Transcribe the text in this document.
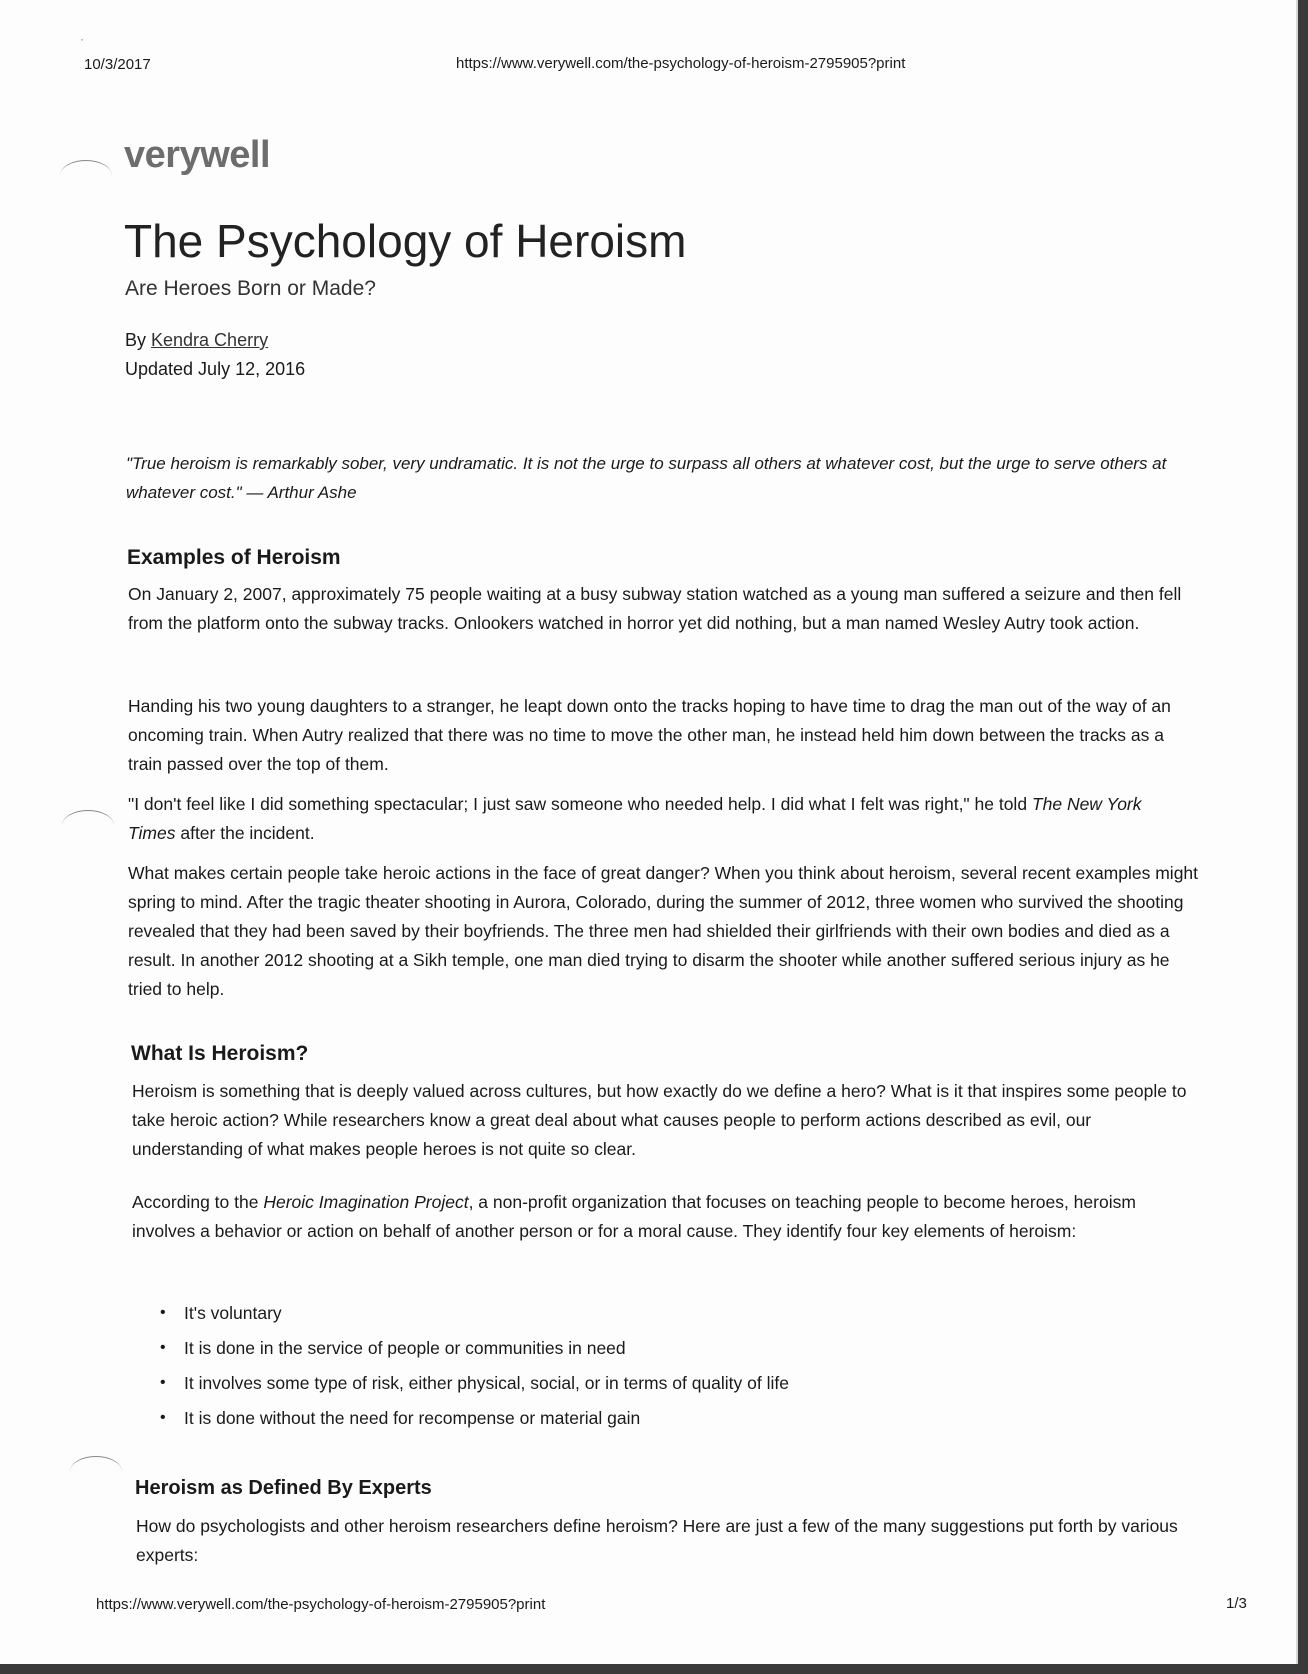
·
10/3/2017	https://www.verywell.com/the-psychology-of-heroism-2795905?print
verywell
The Psychology of Heroism
Are Heroes Born or Made?
By Kendra Cherry
Updated July 12, 2016
"True heroism is remarkably sober, very undramatic. It is not the urge to surpass all others at whatever cost, but the urge to serve others at whatever cost." — Arthur Ashe
Examples of Heroism
On January 2, 2007, approximately 75 people waiting at a busy subway station watched as a young man suffered a seizure and then fell from the platform onto the subway tracks. Onlookers watched in horror yet did nothing, but a man named Wesley Autry took action.
Handing his two young daughters to a stranger, he leapt down onto the tracks hoping to have time to drag the man out of the way of an oncoming train. When Autry realized that there was no time to move the other man, he instead held him down between the tracks as a train passed over the top of them.
"I don't feel like I did something spectacular; I just saw someone who needed help. I did what I felt was right," he told The New York Times after the incident.
What makes certain people take heroic actions in the face of great danger? When you think about heroism, several recent examples might spring to mind. After the tragic theater shooting in Aurora, Colorado, during the summer of 2012, three women who survived the shooting revealed that they had been saved by their boyfriends. The three men had shielded their girlfriends with their own bodies and died as a result. In another 2012 shooting at a Sikh temple, one man died trying to disarm the shooter while another suffered serious injury as he tried to help.
What Is Heroism?
Heroism is something that is deeply valued across cultures, but how exactly do we define a hero? What is it that inspires some people to take heroic action? While researchers know a great deal about what causes people to perform actions described as evil, our understanding of what makes people heroes is not quite so clear.
According to the Heroic Imagination Project, a non-profit organization that focuses on teaching people to become heroes, heroism involves a behavior or action on behalf of another person or for a moral cause. They identify four key elements of heroism:
• It's voluntary
• It is done in the service of people or communities in need
• It involves some type of risk, either physical, social, or in terms of quality of life
• It is done without the need for recompense or material gain
Heroism as Defined By Experts
How do psychologists and other heroism researchers define heroism? Here are just a few of the many suggestions put forth by various experts:
https://www.verywell.com/the-psychology-of-heroism-2795905?print	1/3
